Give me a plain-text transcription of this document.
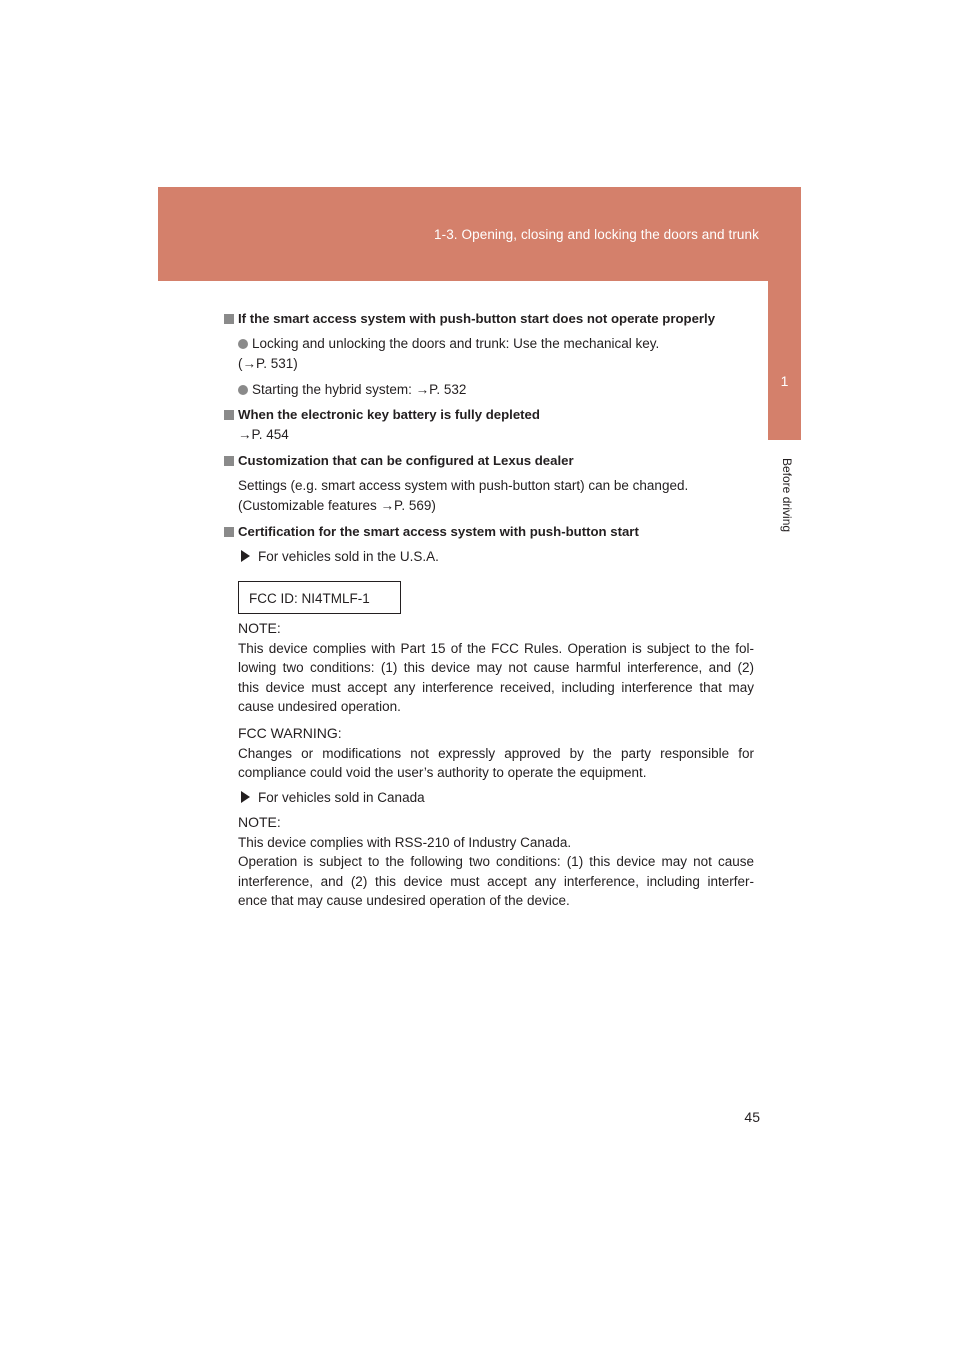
1-3. Opening, closing and locking the doors and trunk
1
Before driving
If the smart access system with push-button start does not operate properly
Locking and unlocking the doors and trunk: Use the mechanical key.
(→P. 531)
Starting the hybrid system: →P. 532
When the electronic key battery is fully depleted
→P. 454
Customization that can be configured at Lexus dealer
Settings (e.g. smart access system with push-button start) can be changed.
(Customizable features →P. 569)
Certification for the smart access system with push-button start
For vehicles sold in the U.S.A.
FCC ID: NI4TMLF-1
NOTE:
This device complies with Part 15 of the FCC Rules. Operation is subject to the fol-
lowing two conditions: (1) this device may not cause harmful interference, and (2)
this device must accept any interference received, including interference that may
cause undesired operation.
FCC WARNING:
Changes or modifications not expressly approved by the party responsible for
compliance could void the user’s authority to operate the equipment.
For vehicles sold in Canada
NOTE:
This device complies with RSS-210 of Industry Canada.
Operation is subject to the following two conditions: (1) this device may not cause
interference, and (2) this device must accept any interference, including interfer-
ence that may cause undesired operation of the device.
45
